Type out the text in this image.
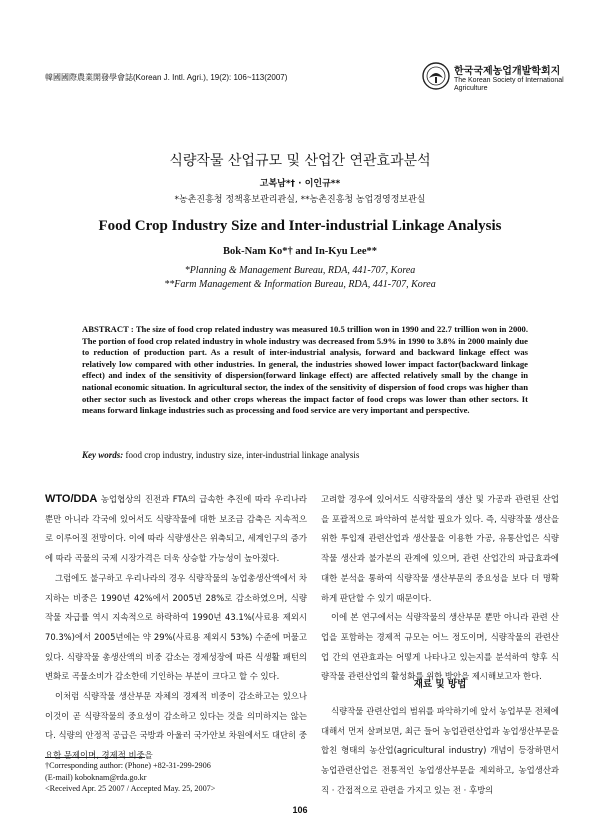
韓國國際農業開發學會誌(Korean J. Intl. Agri.), 19(2): 106~113(2007)
한국국제농업개발학회지
The Korean Society of International Agriculture
식량작물 산업규모 및 산업간 연관효과분석
고복남*† · 이인규**
*농촌진흥청 정책홍보관리관실, **농촌진흥청 농업경영정보관실
Food Crop Industry Size and Inter-industrial Linkage Analysis
Bok-Nam Ko*† and In-Kyu Lee**
*Planning & Management Bureau, RDA, 441-707, Korea
**Farm Management & Information Bureau, RDA, 441-707, Korea
ABSTRACT : The size of food crop related industry was measured 10.5 trillion won in 1990 and 22.7 trillion won in 2000. The portion of food crop related industry in whole industry was decreased from 5.9% in 1990 to 3.8% in 2000 mainly due to reduction of production part. As a result of inter-industrial analysis, forward and backward linkage effect was relatively low compared with other industries. In general, the industries showed lower impact factor(backward linkage effect) and index of the sensitivity of dispersion(forward linkage effect) are affected relatively small by the change in national economic situation. In agricultural sector, the index of the sensitivity of dispersion of food crops was higher than other sector such as livestock and other crops whereas the impact factor of food crops was lower than other sectors. It means forward linkage industries such as processing and food service are very important and perspective.
Key words: food crop industry, industry size, inter-industrial linkage analysis

WTO/DDA 농업협상의 진전과 FTA의 급속한 추진에 따라 우리나라 뿐만 아니라 각국에 있어서도 식량작물에 대한 보조금 감축은 지속적으로 이루어질 전망이다. 이에 따라 식량생산은 위축되고, 세계인구의 증가에 따라 곡물의 국제 시장가격은 더욱 상승할 가능성이 높아졌다.

그럼에도 불구하고 우리나라의 경우 식량작물의 농업총생산액에서 차지하는 비중은 1990년 42%에서 2005년 28%로 감소하였으며, 식량작물 자급률 역시 지속적으로 하락하여 1990년 43.1%(사료용 제외시 70.3%)에서 2005년에는 약 29%(사료용 제외시 53%) 수준에 머물고 있다. 식량작물 총생산액의 비중 감소는 경제성장에 따른 식생활 패턴의 변화로 곡물소비가 감소한데 기인하는 부분이 크다고 할 수 있다.

이처럼 식량작물 생산부문 자체의 경제적 비중이 감소하고는 있으나 이것이 곧 식량작물의 중요성이 감소하고 있다는 것을 의미하지는 않는다. 식량의 안정적 공급은 국방과 아울러 국가안보 차원에서도 대단히 중요한 문제이며, 경제적 비중을

고려할 경우에 있어서도 식량작물의 생산 및 가공과 관련된 산업을 포괄적으로 파악하여 분석할 필요가 있다. 즉, 식량작물 생산을 위한 투입재 관련산업과 생산물을 이용한 가공, 유통산업은 식량작물 생산과 불가분의 관계에 있으며, 관련 산업간의 파급효과에 대한 분석을 통하여 식량작물 생산부문의 중요성을 보다 더 명확하게 판단할 수 있기 때문이다.

이에 본 연구에서는 식량작물의 생산부문 뿐만 아니라 관련 산업을 포함하는 경제적 규모는 어느 정도이며, 식량작물의 관련산업 간의 연관효과는 어떻게 나타나고 있는지를 분석하여 향후 식량작물 관련산업의 활성화를 위한 방안을 제시해보고자 한다.

재료 및 방법

식량작물 관련산업의 범위를 파악하기에 앞서 농업부문 전체에 대해서 먼저 살펴보면, 최근 들어 농업관련산업과 농업생산부문을 합친 형태의 농산업(agricultural industry) 개념이 등장하면서 농업관련산업은 전통적인 농업생산부문을 제외하고, 농업생산과 직 · 간접적으로 관련을 가지고 있는 전 · 후방의

†Corresponding author: (Phone) +82-31-299-2906
(E-mail) koboknam@rda.go.kr
<Received Apr. 25 2007 / Accepted May. 25, 2007>
106
